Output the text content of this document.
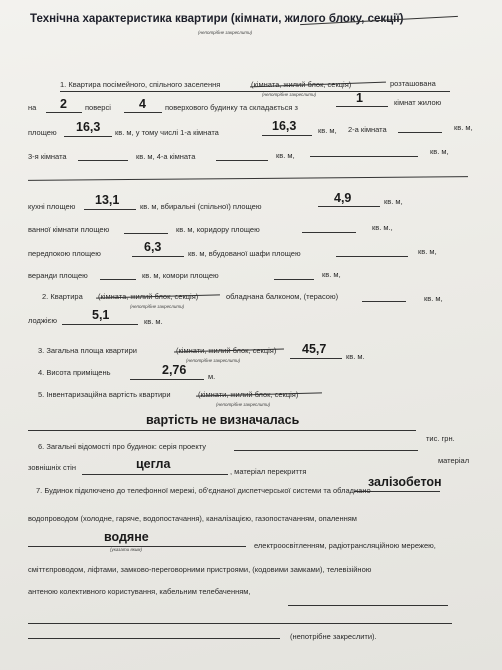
Технічна характеристика квартири (кімнати, жилого блоку, секції)
(непотрібне закреслити)
1. Квартира посімейного, спільного заселення	(кімната, жилий блок, секція)	розташована
(непотрібне закреслити)
на 2 поверсі 4	поверхового будинку та складається з
1	кімнат жилою
площею 16,3 кв. м, у тому числі 1-а кімната	16,3	кв. м, 2-а кімната	кв. м,
3-я кімната	кв. м, 4-а кімната	кв. м,	кв. м,
кухні площею 13,1	кв. м, вбиральні (спільної) площею
4,9	кв. м,
ванної кімнати площею	кв. м, коридору площею	кв. м.,
передпокою площею	6,3	кв. м, вбудованої шафи площею	кв. м,
веранди площею	кв. м, комори площею	кв. м,
2. Квартира (кімната, жилий блок, секція)	обладнана балконом, (терасою)	кв. м,
(непотрібне закреслити)
лоджією	5,1	кв. м.
3. Загальна площа квартири	(кімнати, жилий блок, секція) 45,7
кв. м.
(непотрібне закреслити)
4. Висота приміщень	2,76	м.
5. Інвентаризаційна вартість квартири	(кімнати, жилий блок, секція)
(непотрібне закреслити)
вартість не визначалась
тис. грн.
6. Загальні відомості про будинок: серія проекту
матеріал
зовнішніх стін	цегла
, матеріал перекриття
залізобетон
7. Будинок підключено до телефонної мережі, об'єднаної диспетчерської системи та обладнано
водопроводом (холодне, гаряче, водопостачання), каналізацією, газопостачанням, опаленням
водяне
(указати яким)	електроосвітленням, радіотрансляційною мережею,
сміттєпроводом, ліфтами, замково-переговорними пристроями, (кодовими замками), телевізійною
антеною колективного користування, кабельним телебаченням,
(непотрібне закреслити).
